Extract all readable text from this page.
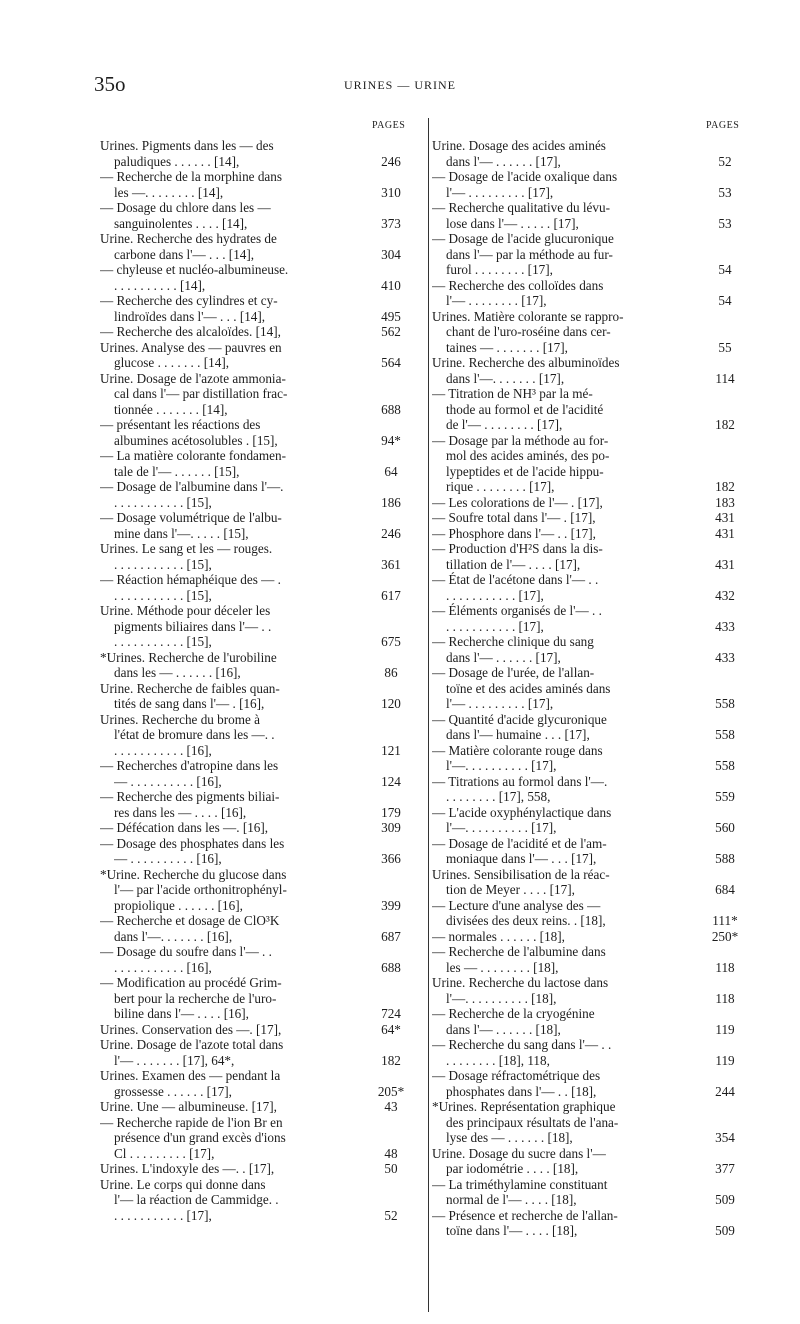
35o	URINES — URINE
PAGES	PAGES
Urines. Pigments dans les — des
paludiques . . . . . . [14],	246
— Recherche de la morphine dans
les —. . . . . . . . [14],	310
— Dosage du chlore dans les —
sanguinolentes . . . . [14],	373
Urine. Recherche des hydrates de
carbone dans l'— . . . [14],	304
— chyleuse et nucléo-albumineuse.
. . . . . . . . . . [14],	410
— Recherche des cylindres et cy-
lindroïdes dans l'— . . . [14],	495
— Recherche des alcaloïdes. [14],	562
Urines. Analyse des — pauvres en
glucose . . . . . . . [14],	564
Urine. Dosage de l'azote ammonia-
cal dans l'— par distillation frac-
tionnée . . . . . . . [14],	688
— présentant les réactions des
albumines acétosolubles . [15],	94*
— La matière colorante fondamen-
tale de l'— . . . . . . [15],	64
— Dosage de l'albumine dans l'—.
. . . . . . . . . . . [15],	186
— Dosage volumétrique de l'albu-
mine dans l'—. . . . . [15],	246
Urines. Le sang et les — rouges.
. . . . . . . . . . . [15],	361
— Réaction hémaphéique des — .
. . . . . . . . . . . [15],	617
Urine. Méthode pour déceler les
pigments biliaires dans l'— . .
. . . . . . . . . . . [15],	675
*Urines. Recherche de l'urobiline
dans les — . . . . . . [16],	86
Urine. Recherche de faibles quan-
tités de sang dans l'— . [16],	120
Urines. Recherche du brome à
l'état de bromure dans les —. .
. . . . . . . . . . . [16],	121
— Recherches d'atropine dans les
— . . . . . . . . . . [16],	124
— Recherche des pigments biliai-
res dans les — . . . . [16],	179
— Défécation dans les —. [16],	309
— Dosage des phosphates dans les
— . . . . . . . . . . [16],	366
*Urine. Recherche du glucose dans
l'— par l'acide orthonitrophényl-
propiolique . . . . . . [16],	399
— Recherche et dosage de ClO³K
dans l'—. . . . . . . [16],	687
— Dosage du soufre dans l'— . .
. . . . . . . . . . . [16],	688
— Modification au procédé Grim-
bert pour la recherche de l'uro-
biline dans l'— . . . . [16],	724
Urines. Conservation des —. [17],	64*
Urine. Dosage de l'azote total dans
l'— . . . . . . . [17], 64*,	182
Urines. Examen des — pendant la
grossesse . . . . . . [17],	205*
Urine. Une — albumineuse. [17],	43
— Recherche rapide de l'ion Br en
présence d'un grand excès d'ions
Cl . . . . . . . . . [17],	48
Urines. L'indoxyle des —. . [17],	50
Urine. Le corps qui donne dans
l'— la réaction de Cammidge. .
. . . . . . . . . . . [17],	52
Urine. Dosage des acides aminés
dans l'— . . . . . . [17],	52
— Dosage de l'acide oxalique dans
l'— . . . . . . . . . [17],	53
— Recherche qualitative du lévu-
lose dans l'— . . . . . [17],	53
— Dosage de l'acide glucuronique
dans l'— par la méthode au fur-
furol . . . . . . . . [17],	54
— Recherche des colloïdes dans
l'— . . . . . . . . [17],	54
Urines. Matière colorante se rappro-
chant de l'uro-roséine dans cer-
taines — . . . . . . . [17],	55
Urine. Recherche des albuminoïdes
dans l'—. . . . . . . [17],	114
— Titration de NH³ par la mé-
thode au formol et de l'acidité
de l'— . . . . . . . . [17],	182
— Dosage par la méthode au for-
mol des acides aminés, des po-
lypeptides et de l'acide hippu-
rique . . . . . . . . [17],	182
— Les colorations de l'— . [17],	183
— Soufre total dans l'— . [17],	431
— Phosphore dans l'— . . [17],	431
— Production d'H²S dans la dis-
tillation de l'— . . . . [17],	431
— État de l'acétone dans l'— . .
. . . . . . . . . . . [17],	432
— Éléments organisés de l'— . .
. . . . . . . . . . . [17],	433
— Recherche clinique du sang
dans l'— . . . . . . [17],	433
— Dosage de l'urée, de l'allan-
toïne et des acides aminés dans
l'— . . . . . . . . . [17],	558
— Quantité d'acide glycuronique
dans l'— humaine . . . [17],	558
— Matière colorante rouge dans
l'—. . . . . . . . . . [17],	558
— Titrations au formol dans l'—.
. . . . . . . . [17], 558,	559
— L'acide oxyphénylactique dans
l'—. . . . . . . . . . [17],	560
— Dosage de l'acidité et de l'am-
moniaque dans l'— . . . [17],	588
Urines. Sensibilisation de la réac-
tion de Meyer . . . . [17],	684
— Lecture d'une analyse des —
divisées des deux reins. . [18],	111*
— normales . . . . . . [18],	250*
— Recherche de l'albumine dans
les — . . . . . . . . [18],	118
Urine. Recherche du lactose dans
l'—. . . . . . . . . . [18],	118
— Recherche de la cryogénine
dans l'— . . . . . . [18],	119
— Recherche du sang dans l'— . .
. . . . . . . . [18], 118,	119
— Dosage réfractométrique des
phosphates dans l'— . . [18],	244
*Urines. Représentation graphique
des principaux résultats de l'ana-
lyse des — . . . . . . [18],	354
Urine. Dosage du sucre dans l'—
par iodométrie . . . . [18],	377
— La triméthylamine constituant
normal de l'— . . . . [18],	509
— Présence et recherche de l'allan-
toïne dans l'— . . . . [18],	509
